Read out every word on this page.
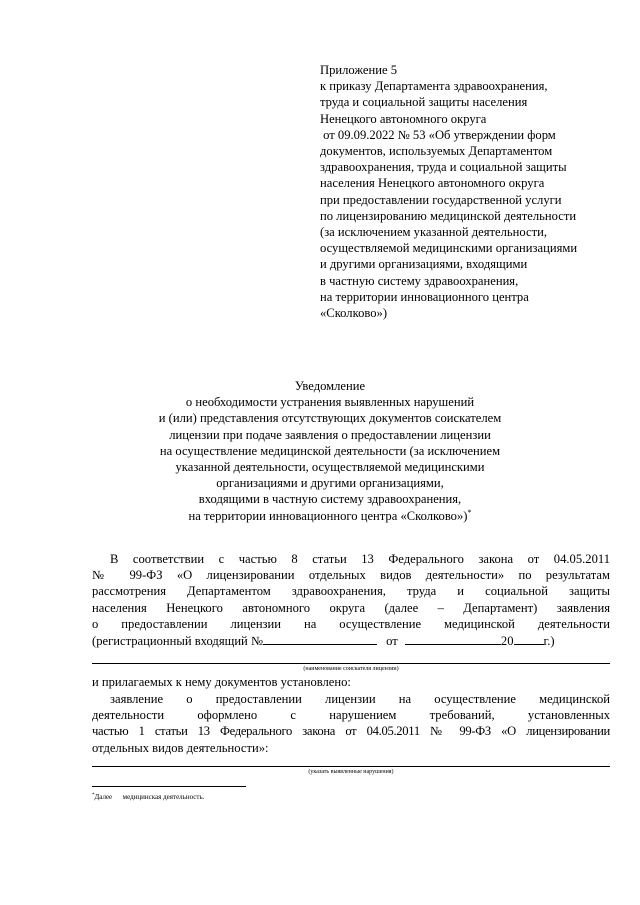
Приложение 5
к приказу Департамента здравоохранения,
труда и социальной защиты населения
Ненецкого автономного округа
от 09.09.2022 № 53 «Об утверждении форм
документов, используемых Департаментом
здравоохранения, труда и социальной защиты
населения Ненецкого автономного округа
при предоставлении государственной услуги
по лицензированию медицинской деятельности
(за исключением указанной деятельности,
осуществляемой медицинскими организациями
и другими организациями, входящими
в частную систему здравоохранения,
на территории инновационного центра
«Сколково»)
Уведомление
о необходимости устранения выявленных нарушений
и (или) представления отсутствующих документов соискателем
лицензии при подаче заявления о предоставлении лицензии
на осуществление медицинской деятельности (за исключением
указанной деятельности, осуществляемой медицинскими
организациями и другими организациями,
входящими в частную систему здравоохранения,
на территории инновационного центра «Сколково»)*
В соответствии с частью 8 статьи 13 Федерального закона от 04.05.2011
№ 99-ФЗ «О лицензировании отдельных видов деятельности» по результатам
рассмотрения Департаментом здравоохранения, труда и социальной защиты
населения Ненецкого автономного округа (далее – Департамент) заявления
о предоставлении лицензии на осуществление медицинской деятельности
(регистрационный входящий №	от	20 г.)
(наименование соискателя лицензии)
и прилагаемых к нему документов установлено:
заявление о предоставлении лицензии на осуществление медицинской
деятельности оформлено с нарушением требований, установленных
частью 1 статьи 13 Федерального закона от 04.05.2011 № 99-ФЗ «О лицензировании
отдельных видов деятельности»:
(указать выявленные нарушения)
*Далее      медицинская деятельность.
